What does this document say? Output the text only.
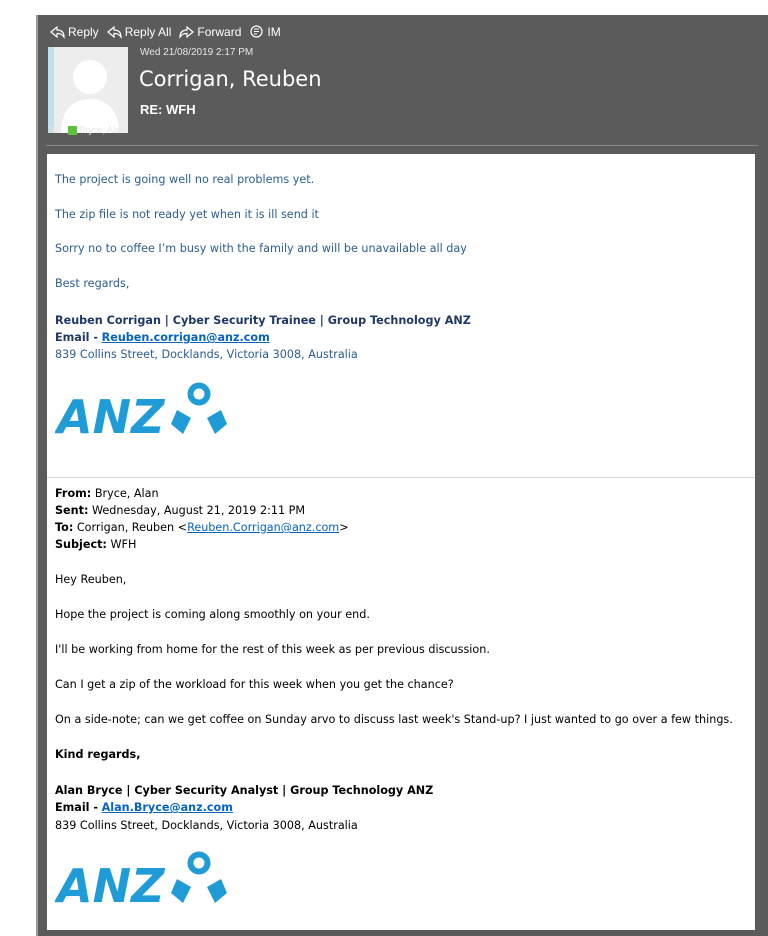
Reply Reply All Forward IM
Wed 21/08/2019 2:17 PM
Corrigan, Reuben
RE: WFH
To Bryce, Alan
The project is going well no real problems yet.
The zip file is not ready yet when it is ill send it
Sorry no to coffee I’m busy with the family and will be unavailable all day
Best regards,
Reuben Corrigan | Cyber Security Trainee | Group Technology ANZ
Email - Reuben.corrigan@anz.com
839 Collins Street, Docklands, Victoria 3008, Australia
ANZ
From: Bryce, Alan
Sent: Wednesday, August 21, 2019 2:11 PM
To: Corrigan, Reuben <Reuben.Corrigan@anz.com>
Subject: WFH
Hey Reuben,
Hope the project is coming along smoothly on your end.
I'll be working from home for the rest of this week as per previous discussion.
Can I get a zip of the workload for this week when you get the chance?
On a side-note; can we get coffee on Sunday arvo to discuss last week's Stand-up? I just wanted to go over a few things.
Kind regards,
Alan Bryce | Cyber Security Analyst | Group Technology ANZ
Email - Alan.Bryce@anz.com
839 Collins Street, Docklands, Victoria 3008, Australia
ANZ
